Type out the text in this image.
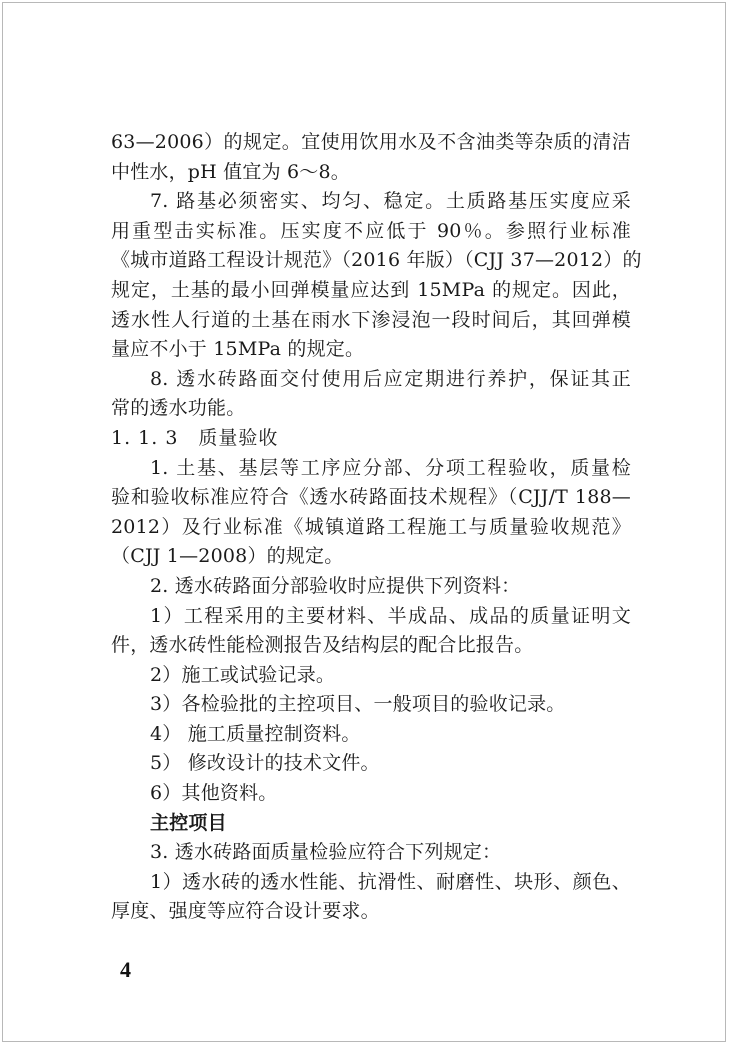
63—2006）的规定。宜使用饮用水及不含油类等杂质的清洁
中性水，pH 值宜为 6～8。
7. 路基必须密实、均匀、稳定。土质路基压实度应采
用重型击实标准。压实度不应低于 90％。参照行业标准
《城市道路工程设计规范》（2016 年版）（CJJ 37—2012）的
规定，土基的最小回弹模量应达到 15MPa 的规定。因此，
透水性人行道的土基在雨水下渗浸泡一段时间后，其回弹模
量应不小于 15MPa 的规定。
8. 透水砖路面交付使用后应定期进行养护，保证其正
常的透水功能。
1. 1. 3　质量验收
1. 土基、基层等工序应分部、分项工程验收，质量检
验和验收标准应符合《透水砖路面技术规程》（CJJ/T 188—
2012）及行业标准《城镇道路工程施工与质量验收规范》
（CJJ 1—2008）的规定。
2. 透水砖路面分部验收时应提供下列资料：
1）工程采用的主要材料、半成品、成品的质量证明文
件，透水砖性能检测报告及结构层的配合比报告。
2）施工或试验记录。
3）各检验批的主控项目、一般项目的验收记录。
4） 施工质量控制资料。
5） 修改设计的技术文件。
6）其他资料。
主控项目
3. 透水砖路面质量检验应符合下列规定：
1）透水砖的透水性能、抗滑性、耐磨性、块形、颜色、
厚度、强度等应符合设计要求。
4
